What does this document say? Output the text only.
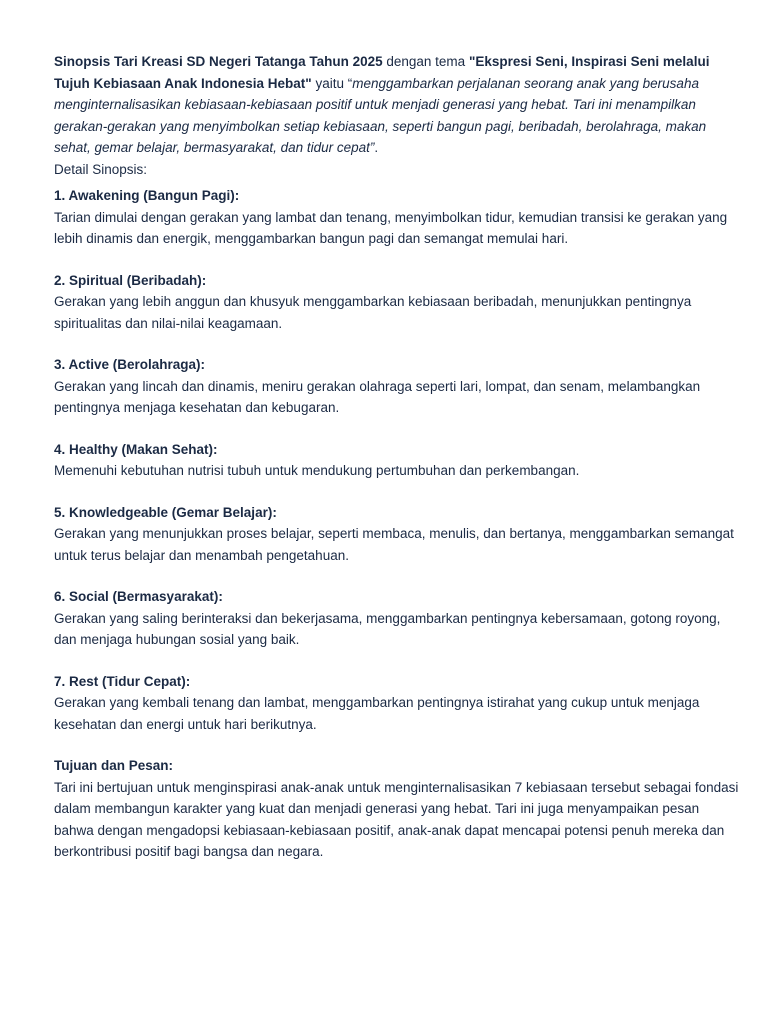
Sinopsis Tari Kreasi SD Negeri Tatanga Tahun 2025 dengan tema "Ekspresi Seni, Inspirasi Seni melalui Tujuh Kebiasaan Anak Indonesia Hebat" yaitu “menggambarkan perjalanan seorang anak yang berusaha menginternalisasikan kebiasaan-kebiasaan positif untuk menjadi generasi yang hebat. Tari ini menampilkan gerakan-gerakan yang menyimbolkan setiap kebiasaan, seperti bangun pagi, beribadah, berolahraga, makan sehat, gemar belajar, bermasyarakat, dan tidur cepat”.

Detail Sinopsis:

1. Awakening (Bangun Pagi):

Tarian dimulai dengan gerakan yang lambat dan tenang, menyimbolkan tidur, kemudian transisi ke gerakan yang lebih dinamis dan energik, menggambarkan bangun pagi dan semangat memulai hari.

2. Spiritual (Beribadah):

Gerakan yang lebih anggun dan khusyuk menggambarkan kebiasaan beribadah, menunjukkan pentingnya spiritualitas dan nilai-nilai keagamaan.

3. Active (Berolahraga):

Gerakan yang lincah dan dinamis, meniru gerakan olahraga seperti lari, lompat, dan senam, melambangkan pentingnya menjaga kesehatan dan kebugaran.

4. Healthy (Makan Sehat):

Memenuhi kebutuhan nutrisi tubuh untuk mendukung pertumbuhan dan perkembangan.

5. Knowledgeable (Gemar Belajar):

Gerakan yang menunjukkan proses belajar, seperti membaca, menulis, dan bertanya, menggambarkan semangat untuk terus belajar dan menambah pengetahuan.

6. Social (Bermasyarakat):

Gerakan yang saling berinteraksi dan bekerjasama, menggambarkan pentingnya kebersamaan, gotong royong, dan menjaga hubungan sosial yang baik.

7. Rest (Tidur Cepat):

Gerakan yang kembali tenang dan lambat, menggambarkan pentingnya istirahat yang cukup untuk menjaga kesehatan dan energi untuk hari berikutnya.

Tujuan dan Pesan:

Tari ini bertujuan untuk menginspirasi anak-anak untuk menginternalisasikan 7 kebiasaan tersebut sebagai fondasi dalam membangun karakter yang kuat dan menjadi generasi yang hebat. Tari ini juga menyampaikan pesan bahwa dengan mengadopsi kebiasaan-kebiasaan positif, anak-anak dapat mencapai potensi penuh mereka dan berkontribusi positif bagi bangsa dan negara.
